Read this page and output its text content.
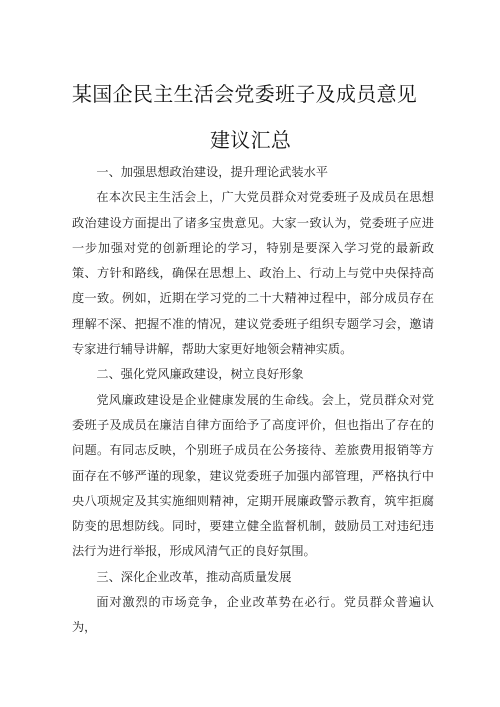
某国企民主生活会党委班子及成员意见
建议汇总

一、加强思想政治建设，提升理论武装水平

在本次民主生活会上，广大党员群众对党委班子及成员在思想政治建设方面提出了诸多宝贵意见。大家一致认为，党委班子应进一步加强对党的创新理论的学习，特别是要深入学习党的最新政策、方针和路线，确保在思想上、政治上、行动上与党中央保持高度一致。例如，近期在学习党的二十大精神过程中，部分成员存在理解不深、把握不准的情况，建议党委班子组织专题学习会，邀请专家进行辅导讲解，帮助大家更好地领会精神实质。

二、强化党风廉政建设，树立良好形象

党风廉政建设是企业健康发展的生命线。会上，党员群众对党委班子及成员在廉洁自律方面给予了高度评价，但也指出了存在的问题。有同志反映，个别班子成员在公务接待、差旅费用报销等方面存在不够严谨的现象，建议党委班子加强内部管理，严格执行中央八项规定及其实施细则精神，定期开展廉政警示教育，筑牢拒腐防变的思想防线。同时，要建立健全监督机制，鼓励员工对违纪违法行为进行举报，形成风清气正的良好氛围。

三、深化企业改革，推动高质量发展

面对激烈的市场竞争，企业改革势在必行。党员群众普遍认为，
